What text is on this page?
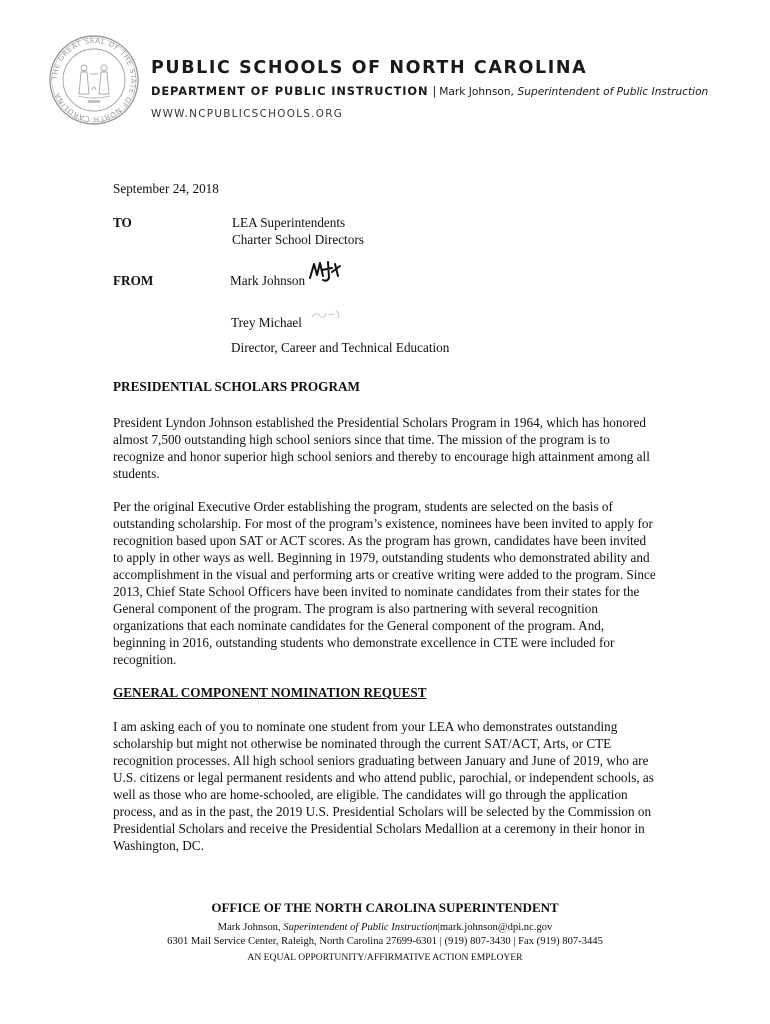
THE GREAT SEAL OF THE STATE OF NORTH CAROLINA
PUBLIC SCHOOLS OF NORTH CAROLINA
DEPARTMENT OF PUBLIC INSTRUCTION | Mark Johnson, Superintendent of Public Instruction
WWW.NCPUBLICSCHOOLS.ORG
September 24, 2018
TO	LEA Superintendents
Charter School Directors
FROM	Mark Johnson
Trey Michael
Director, Career and Technical Education
PRESIDENTIAL SCHOLARS PROGRAM
President Lyndon Johnson established the Presidential Scholars Program in 1964, which has honored
almost 7,500 outstanding high school seniors since that time. The mission of the program is to
recognize and honor superior high school seniors and thereby to encourage high attainment among all
students.
Per the original Executive Order establishing the program, students are selected on the basis of
outstanding scholarship. For most of the program’s existence, nominees have been invited to apply for
recognition based upon SAT or ACT scores. As the program has grown, candidates have been invited
to apply in other ways as well. Beginning in 1979, outstanding students who demonstrated ability and
accomplishment in the visual and performing arts or creative writing were added to the program. Since
2013, Chief State School Officers have been invited to nominate candidates from their states for the
General component of the program. The program is also partnering with several recognition
organizations that each nominate candidates for the General component of the program. And,
beginning in 2016, outstanding students who demonstrate excellence in CTE were included for
recognition.
GENERAL COMPONENT NOMINATION REQUEST
I am asking each of you to nominate one student from your LEA who demonstrates outstanding
scholarship but might not otherwise be nominated through the current SAT/ACT, Arts, or CTE
recognition processes. All high school seniors graduating between January and June of 2019, who are
U.S. citizens or legal permanent residents and who attend public, parochial, or independent schools, as
well as those who are home-schooled, are eligible. The candidates will go through the application
process, and as in the past, the 2019 U.S. Presidential Scholars will be selected by the Commission on
Presidential Scholars and receive the Presidential Scholars Medallion at a ceremony in their honor in
Washington, DC.
OFFICE OF THE NORTH CAROLINA SUPERINTENDENT
Mark Johnson, Superintendent of Public Instruction|mark.johnson@dpi.nc.gov
6301 Mail Service Center, Raleigh, North Carolina 27699-6301 | (919) 807-3430 | Fax (919) 807-3445
AN EQUAL OPPORTUNITY/AFFIRMATIVE ACTION EMPLOYER
